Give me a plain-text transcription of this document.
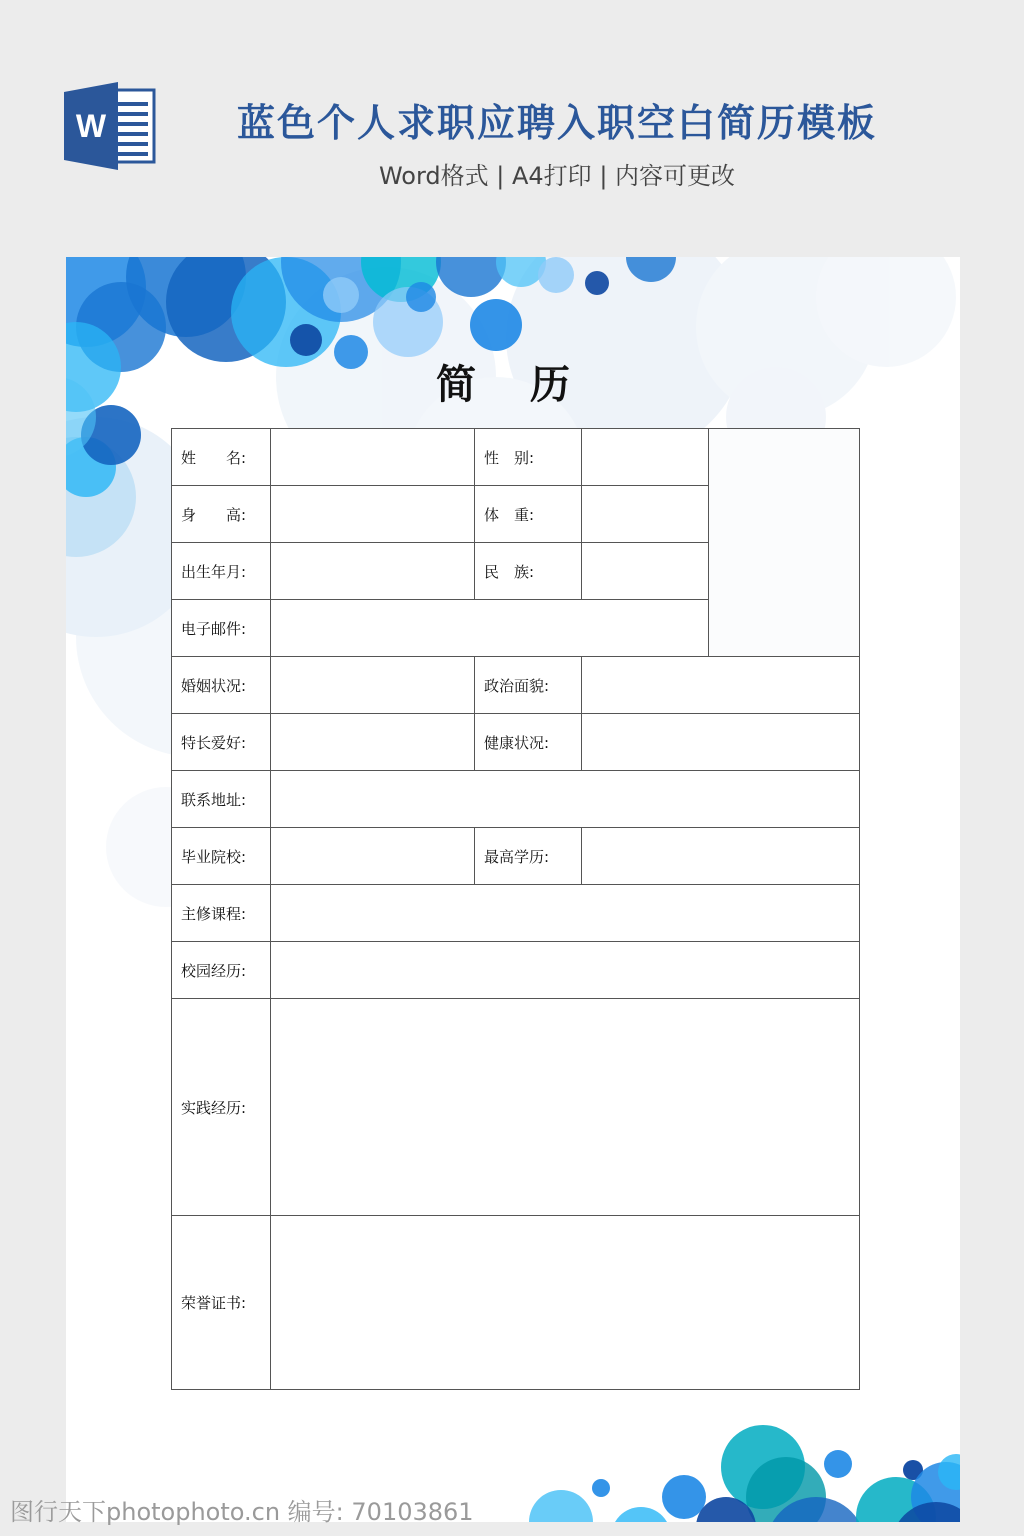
W	蓝色个人求职应聘入职空白简历模板
Word格式 | A4打印 | 内容可更改
简 历
姓　　名:		性　别:		
身　　高:		体　重:		
出生年月:		民　族:		
电子邮件:				
婚姻状况:		政治面貌:		
特长爱好:		健康状况:		
联系地址:				
毕业院校:		最高学历:		
主修课程:				
校园经历:				
实践经历:				
荣誉证书:				
图行天下photophoto.cn 编号: 70103861
